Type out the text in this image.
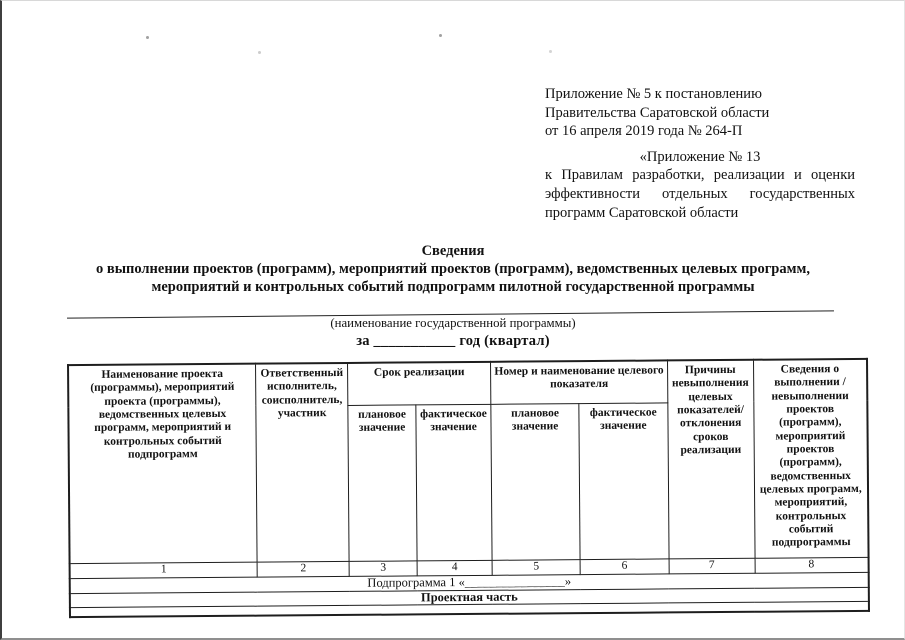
Приложение № 5 к постановлению
Правительства Саратовской области
от 16 апреля 2019 года № 264-П
«Приложение № 13
к Правилам разработки, реализации и оценки
эффективности отдельных государственных
программ Саратовской области
Сведения
о выполнении проектов (программ), мероприятий проектов (программ), ведомственных целевых программ,
мероприятий и контрольных событий подпрограмм пилотной государственной программы
(наименование государственной программы)
за ___________ год (квартал)
Наименование проекта (программы), мероприятий проекта (программы), ведомственных целевых программ, мероприятий и контрольных событий подпрограмм	Ответственный исполнитель, соисполнитель, участник	Срок реализации		Номер и наименование целевого показателя		Причины невыполнения целевых показателей/ отклонения сроков реализации	Сведения о выполнении / невыполнении проектов (программ), мероприятий проектов (программ), ведомственных целевых программ, мероприятий, контрольных событий подпрограммы
		плановое значение	фактическое значение	плановое значение	фактическое значение		
1	2	3	4	5	6	7	8
Подпрограмма 1 «________________»							
Проектная часть							
